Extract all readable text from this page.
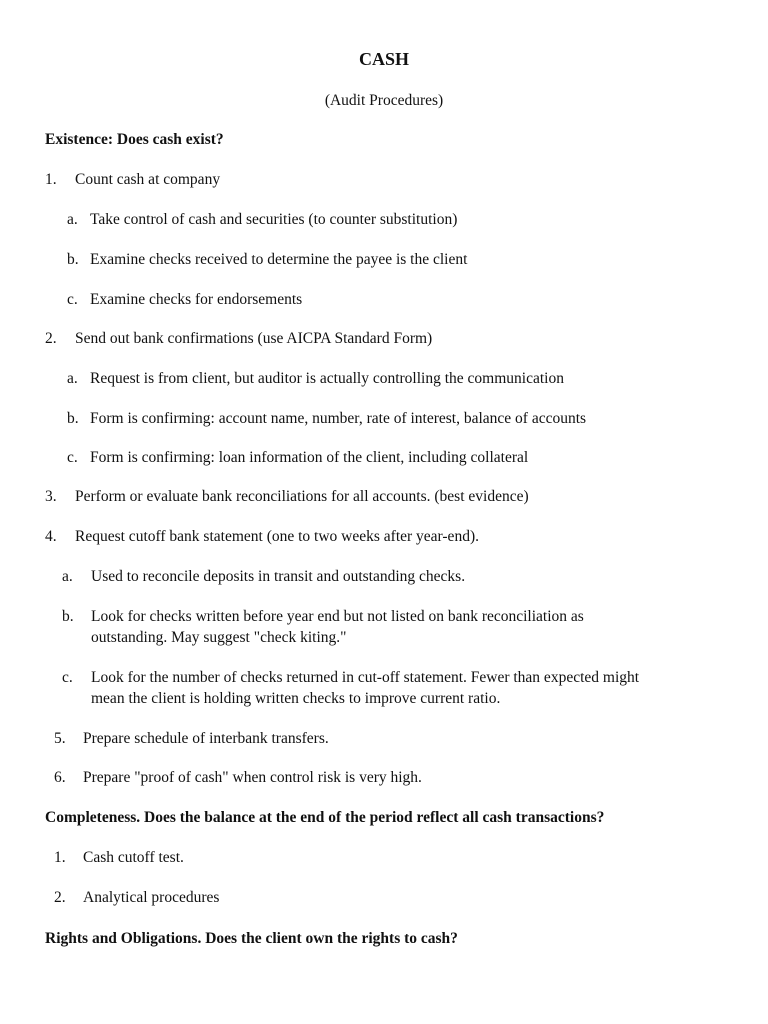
CASH
(Audit Procedures)
Existence: Does cash exist?
1. Count cash at company
a. Take control of cash and securities (to counter substitution)
b. Examine checks received to determine the payee is the client
c. Examine checks for endorsements
2. Send out bank confirmations (use AICPA Standard Form)
a. Request is from client, but auditor is actually controlling the communication
b. Form is confirming: account name, number, rate of interest, balance of accounts
c. Form is confirming: loan information of the client, including collateral
3. Perform or evaluate bank reconciliations for all accounts. (best evidence)
4. Request cutoff bank statement (one to two weeks after year-end).
a. Used to reconcile deposits in transit and outstanding checks.
b. Look for checks written before year end but not listed on bank reconciliation as
outstanding. May suggest "check kiting."
c. Look for the number of checks returned in cut-off statement. Fewer than expected might
mean the client is holding written checks to improve current ratio.
5. Prepare schedule of interbank transfers.
6. Prepare "proof of cash" when control risk is very high.
Completeness. Does the balance at the end of the period reflect all cash transactions?
1. Cash cutoff test.
2. Analytical procedures
Rights and Obligations. Does the client own the rights to cash?
